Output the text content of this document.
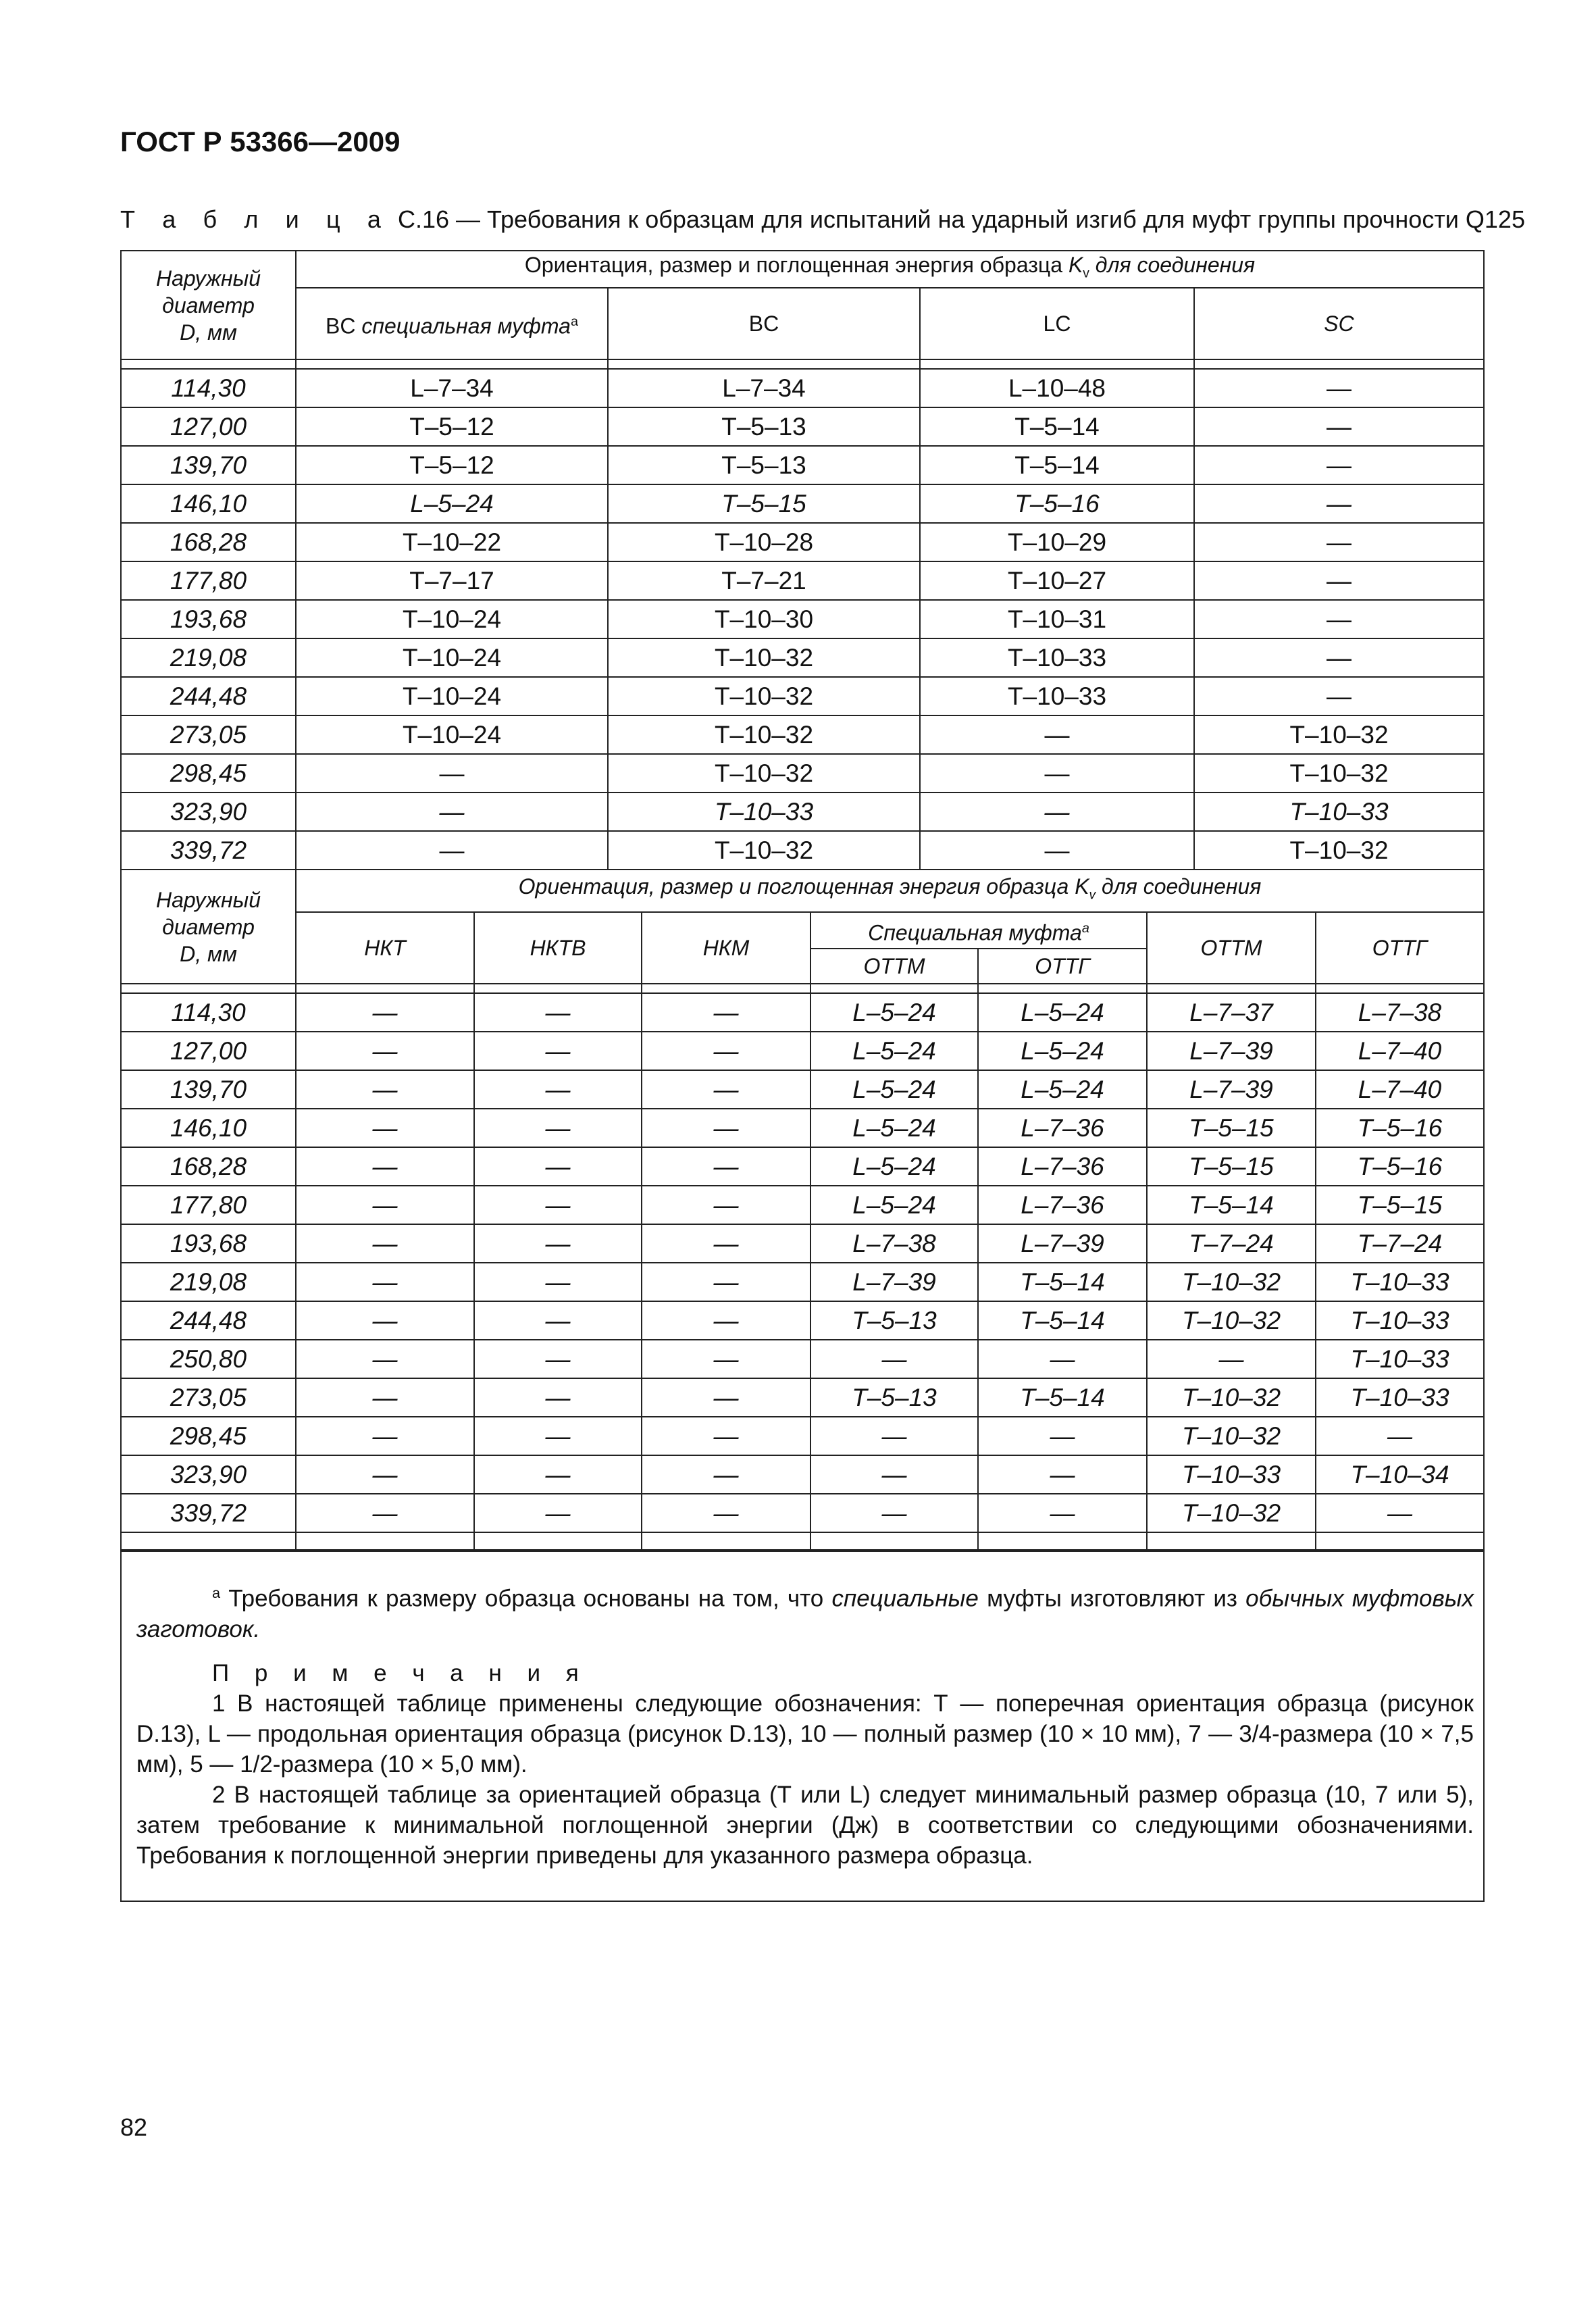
ГОСТ Р 53366—2009
Т а б л и ц а С.16 — Требования к образцам для испытаний на ударный изгиб для муфт группы прочности Q125
Наружный
диаметр
D, мм	Ориентация, размер и поглощенная энергия образца $K_v$ для соединения			
	BC специальная муфта$^a$	BC	LC	SC

114,30	L–7–34	L–7–34	L–10–48	—
127,00	Т–5–12	Т–5–13	Т–5–14	—
139,70	Т–5–12	Т–5–13	Т–5–14	—
146,10	L–5–24	Т–5–15	Т–5–16	—
168,28	Т–10–22	Т–10–28	Т–10–29	—
177,80	Т–7–17	Т–7–21	Т–10–27	—
193,68	Т–10–24	Т–10–30	Т–10–31	—
219,08	Т–10–24	Т–10–32	Т–10–33	—
244,48	Т–10–24	Т–10–32	Т–10–33	—
273,05	Т–10–24	Т–10–32	—	Т–10–32
298,45	—	Т–10–32	—	Т–10–32
323,90	—	Т–10–33	—	Т–10–33
339,72	—	Т–10–32	—	Т–10–32
Наружный
диаметр
D, мм	Ориентация, размер и поглощенная энергия образца $K_v$ для соединения						
	НКТ	НКТВ	НКМ	Специальная муфта$^a$		ОТТМ	ОТТГ
				ОТТМ	ОТТГ		

114,30	—	—	—	L–5–24	L–5–24	L–7–37	L–7–38
127,00	—	—	—	L–5–24	L–5–24	L–7–39	L–7–40
139,70	—	—	—	L–5–24	L–5–24	L–7–39	L–7–40
146,10	—	—	—	L–5–24	L–7–36	Т–5–15	Т–5–16
168,28	—	—	—	L–5–24	L–7–36	Т–5–15	Т–5–16
177,80	—	—	—	L–5–24	L–7–36	Т–5–14	Т–5–15
193,68	—	—	—	L–7–38	L–7–39	Т–7–24	Т–7–24
219,08	—	—	—	L–7–39	Т–5–14	Т–10–32	Т–10–33
244,48	—	—	—	Т–5–13	Т–5–14	Т–10–32	Т–10–33
250,80	—	—	—	—	—	—	Т–10–33
273,05	—	—	—	Т–5–13	Т–5–14	Т–10–32	Т–10–33
298,45	—	—	—	—	—	Т–10–32	—
323,90	—	—	—	—	—	Т–10–33	Т–10–34
339,72	—	—	—	—	—	Т–10–32	—

$^a$ Требования к размеру образца основаны на том, что специальные муфты изготовляют из обычных муфтовых заготовок.

П р и м е ч а н и я

1 В настоящей таблице применены следующие обозначения: Т — поперечная ориентация образца (рисунок D.13), L — продольная ориентация образца (рисунок D.13), 10 — полный размер (10 × 10 мм), 7 — 3/4-размера (10 × 7,5 мм), 5 — 1/2-размера (10 × 5,0 мм).

2 В настоящей таблице за ориентацией образца (Т или L) следует минимальный размер образца (10, 7 или 5), затем требование к минимальной поглощенной энергии (Дж) в соответствии со следующими обозначениями. Требования к поглощенной энергии приведены для указанного размера образца.

82
